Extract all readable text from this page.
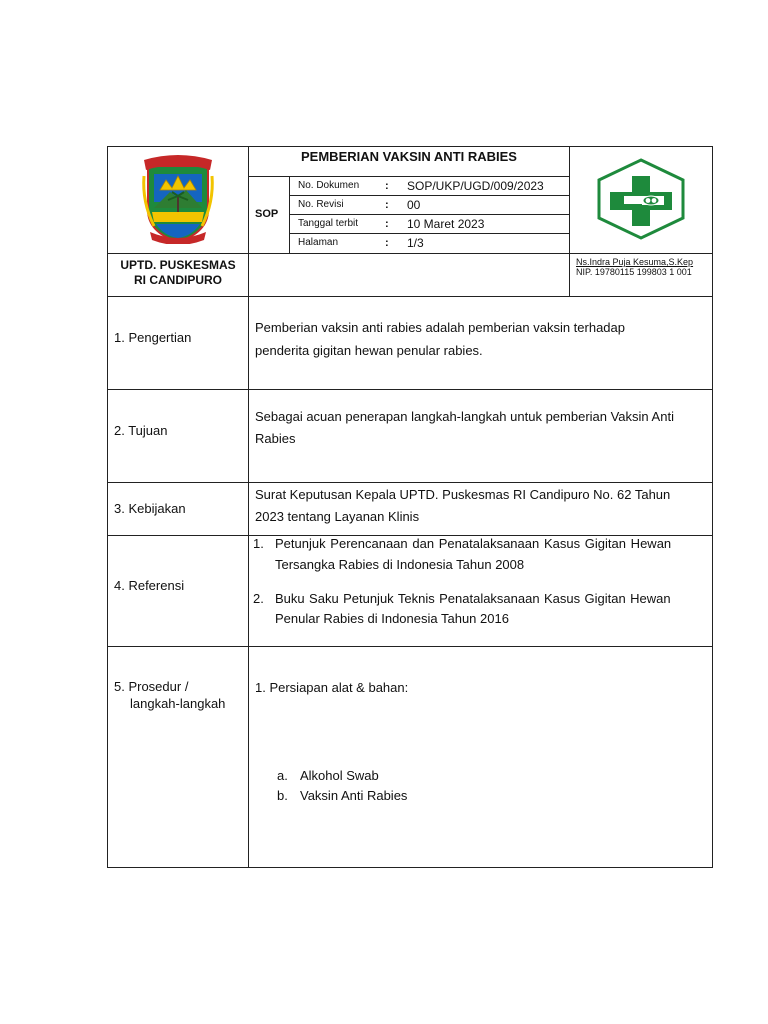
PEMBERIAN VAKSIN ANTI RABIES
SOP
No. Dokumen : SOP/UKP/UGD/009/2023
No. Revisi	: 00
Tanggal terbit : 10 Maret 2023
Halaman	: 1/3
UPTD. PUSKESMAS
RI CANDIPURO
Ns.Indra Puja Kesuma,S.Kep
NIP. 19780115 199803 1 001
1. Pengertian
Pemberian vaksin anti rabies adalah pemberian vaksin terhadap
penderita gigitan hewan penular rabies.
2. Tujuan
Sebagai acuan penerapan langkah-langkah untuk pemberian Vaksin Anti
Rabies
3. Kebijakan
Surat Keputusan Kepala UPTD. Puskesmas RI Candipuro No. 62 Tahun
2023 tentang Layanan Klinis
4. Referensi
1. Petunjuk Perencanaan dan Penatalaksanaan Kasus Gigitan Hewan
Tersangka Rabies di Indonesia Tahun 2008
2. Buku Saku Petunjuk Teknis Penatalaksanaan Kasus Gigitan Hewan
Penular Rabies di Indonesia Tahun 2016
5. Prosedur /
langkah-langkah
1. Persiapan alat & bahan:
a. Alkohol Swab
b. Vaksin Anti Rabies
